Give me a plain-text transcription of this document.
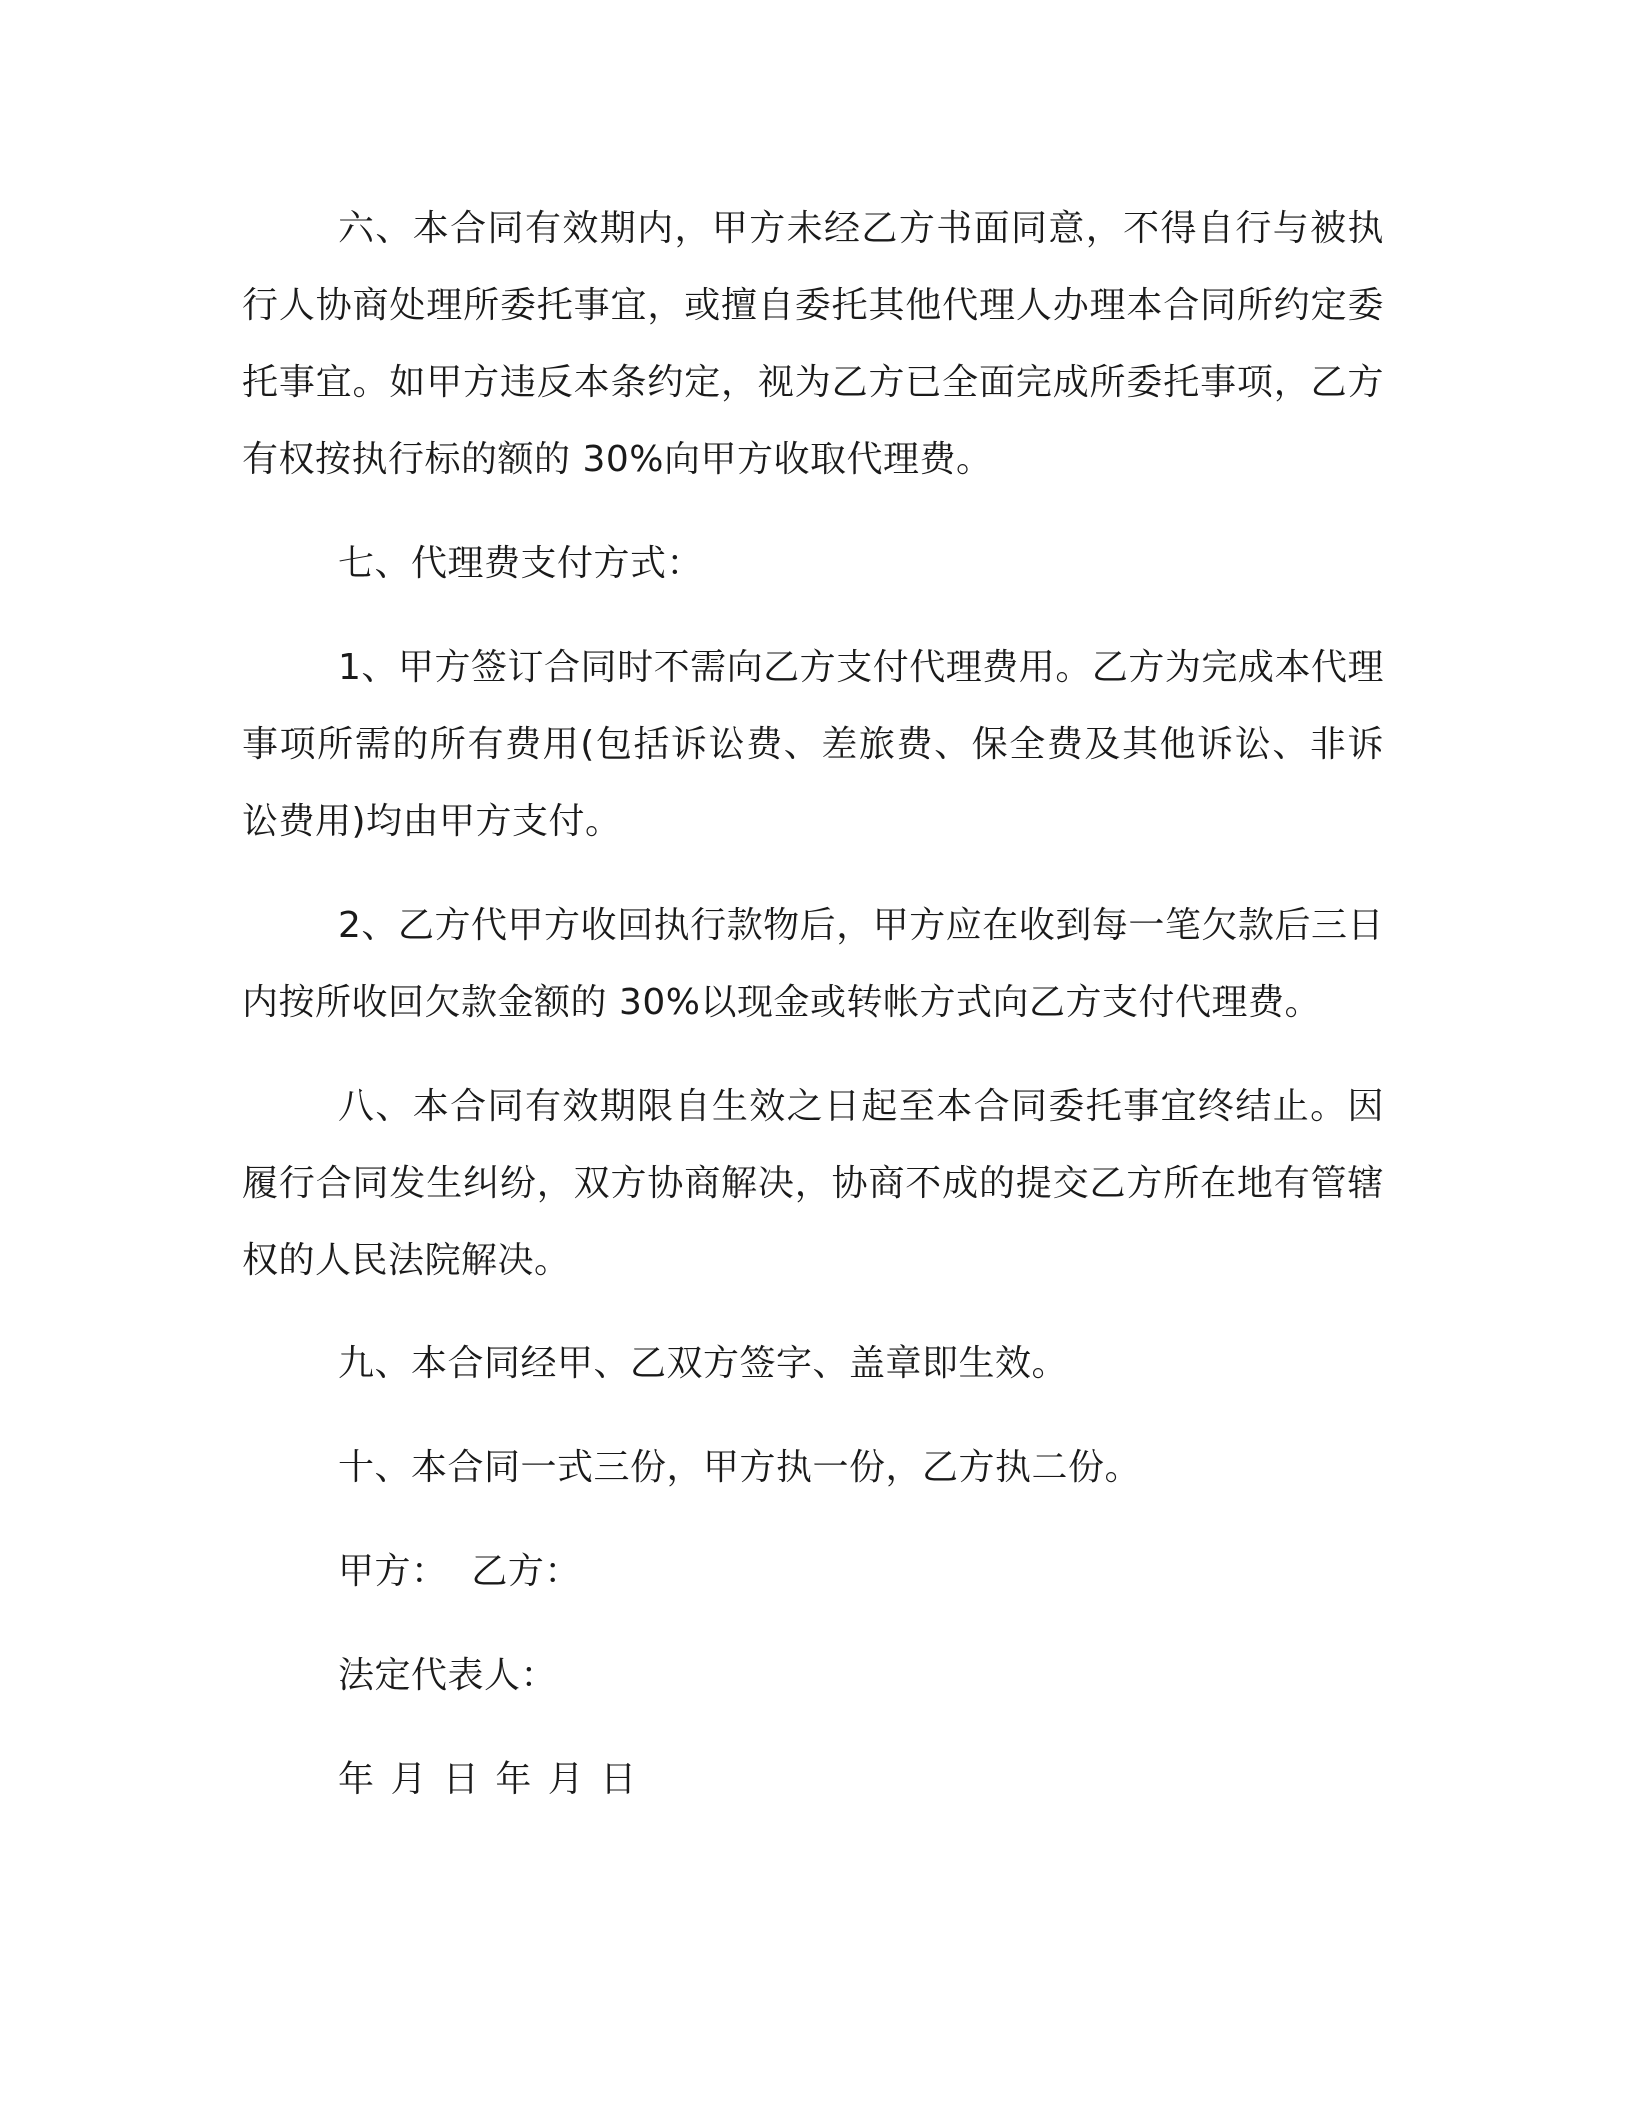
六、本合同有效期内，甲方未经乙方书面同意，不得自行与被执行人协商处理所委托事宜，或擅自委托其他代理人办理本合同所约定委托事宜。如甲方违反本条约定，视为乙方已全面完成所委托事项，乙方有权按执行标的额的 30%向甲方收取代理费。

七、代理费支付方式：

1、甲方签订合同时不需向乙方支付代理费用。乙方为完成本代理事项所需的所有费用(包括诉讼费、差旅费、保全费及其他诉讼、非诉讼费用)均由甲方支付。

2、乙方代甲方收回执行款物后，甲方应在收到每一笔欠款后三日内按所收回欠款金额的 30%以现金或转帐方式向乙方支付代理费。

八、本合同有效期限自生效之日起至本合同委托事宜终结止。因履行合同发生纠纷，双方协商解决，协商不成的提交乙方所在地有管辖权的人民法院解决。

九、本合同经甲、乙双方签字、盖章即生效。

十、本合同一式三份，甲方执一份，乙方执二份。

甲方：  乙方：

法定代表人：

年 月 日 年 月 日
